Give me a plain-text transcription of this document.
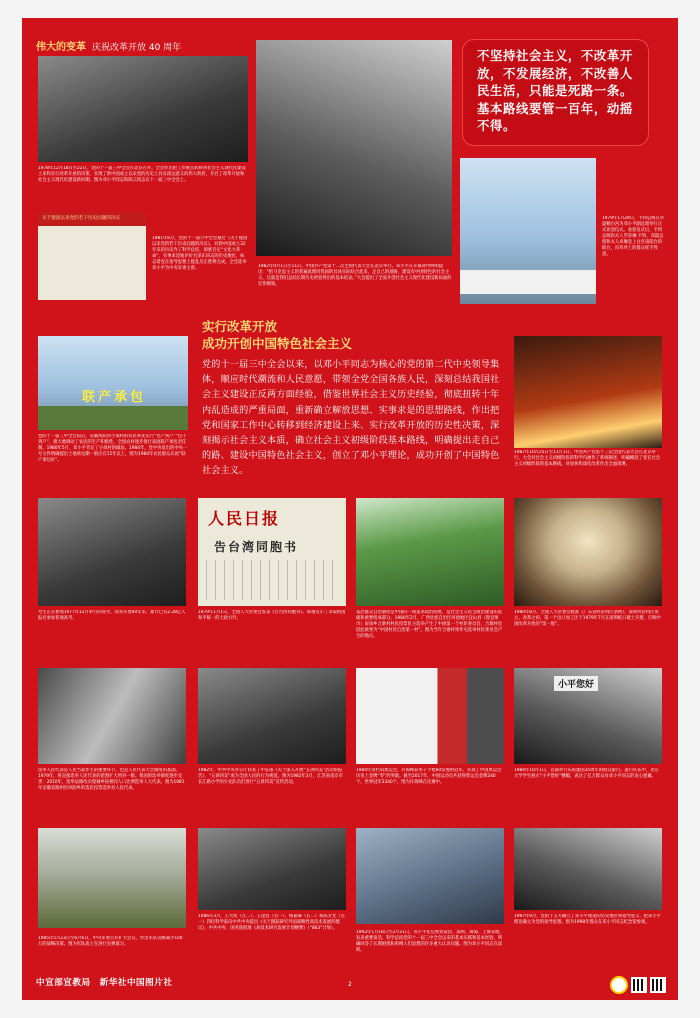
伟大的变革 庆祝改革开放 40 周年
1978年12月18日至22日，党的十一届三中全会在北京召开。全会作出把工作重点转移到社会主义现代化建设上来和实行改革开放的决策，实现了新中国成立以来党的历史上具有深远意义的伟大转折，开启了改革开放和社会主义现代化建设新时期。图为邓小平同志和陈云同志在十一届三中全会上。
关于建国以来党的若干历史问题的决议
1981年6月，党的十一届六中全会通过《关于建国以来党的若干历史问题的决议》，对新中国成立32年来的历史作了科学总结，彻底否定“文化大革命”，实事求是地评价毛泽东同志的历史地位，标志着党在指导思想上拨乱反正胜利完成。全会选举邓小平为中央军委主席。	1982年9月1日至11日，中国共产党第十二次全国代表大会在北京举行。邓小平在开幕词中鲜明提出：“把马克思主义的普遍真理同我国的具体实际结合起来，走自己的道路，建设有中国特色的社会主义，这就是我们总结长期历史经验得出的基本结论。”大会提出了全面开创社会主义现代化建设新局面的宏伟纲领。
不坚持社会主义，不改革开放，不发展经济，不改善人民生活，只能是死路一条。基本路线要管一百年，动摇不得。
1979年1月29日，卡特总统在华盛顿白宫为邓小平副总理举行正式欢迎仪式。欢迎仪式后，卡特总统和夫人罗莎琳·卡特，邓副总理和夫人卓琳登上白宫南阳台的阳台，向草坪上的群众挥手致意。
联产承包
党的十一届三中全会前后，安徽凤阳县小岗村的农民率先实行“包产到户”“包干到户”，极大地调动了农民的生产积极性，全国农村逐步推行家庭联产承包责任制。1980年5月，邓小平肯定了小岗村的做法。1984年，党中央发出的中央一号文件明确提出土地承包期一般应在15年以上，图为1984年农民群众庆祝“联产承包好”。
实行改革开放
成功开创中国特色社会主义
党的十一届三中全会以来，以邓小平同志为核心的党的第二代中央领导集体，顺应时代潮流和人民意愿，带领全党全国各族人民，深刻总结我国社会主义建设正反两方面经验，借鉴世界社会主义历史经验，彻底扭转十年内乱造成的严重局面，重新确立解放思想、实事求是的思想路线，作出把党和国家工作中心转移到经济建设上来、实行改革开放的历史性决策，深刻揭示社会主义本质，确立社会主义初级阶段基本路线，明确提出走自己的路、建设中国特色社会主义，创立了邓小平理论，成功开创了中国特色社会主义。
1987年10月25日至11月1日，中国共产党第十三次全国代表大会在北京举行。大会对社会主义初级阶段的科学内涵作了系统阐述，明确概括了党在社会主义初级阶段的基本路线，对加快和深化改革作出全面部署。
考生正在参加1977年12月举行的高考，改革开放40年来，累计已有2.28亿人报名参加普通高考。
人民日报
告台湾同胞书
1979年1月1日，全国人大常委会发表《告台湾同胞书》，郑重宣示了争取祖国和平统一的大政方针。
基层群众自治制度是中国的一项基本政治制度，是社会主义民主政治建设的基础和重要组成部分。1980年2月，广西壮族自治区河池地区宜山县（现宜州市）屏南乡合寨村村民投票民主选举产生了中国第一个村民委员会，合寨村也因此被誉为“中国村民自治第一村”。图为当年合寨村果作屯选举村民委员会产生的地点。
1980年8月，全国人大常委会批准《广东省经济特区条例》，深圳经济特区成立。改革之初，第一个出口加工区于1979年7月在深圳蛇口破土开建，打响中国改革开放的“第一炮”。
选举人民代表是人民当家作主的重要环节，也是人民代表大会制度的基础。1979年，将直接选举人民代表的范围扩大到县一级。我国的选举制度逐步完善：2010年，选举法修改实现城乡按相同人口比例选举人大代表。图为1981年安徽省滁州县凤阳乡的选民投票选举县人民代表。
1982年，中共中央办公厅转发了中宣部《关于深入开展“五讲四美”活动的报告》，“五讲四美”成为全国人民的行为规范。图为1982年3月，江苏省南京市长江路小学的少先队员们进行“五讲四美”宣传活动。
1984年洛杉矶奥运会，许海峰获男子手枪60发慢射冠军，实现了中国奥运会历史上金牌“零”的突破。截至2017年，中国运动员共获得奥运会金牌240个，世界冠军3340个。图为许海峰在比赛中。
小平您好
1984年10月1日，首都举行庆祝建国35周年的群众游行。游行队伍中，北京大学学生展示“小平您好”横幅，表达了亿万群众对邓小平同志的衷心爱戴。
1985年5月23日至6月6日，中央军委召开扩大会议，作出军队员额减少100万的战略决策。图为军队战士在进行实弹演习。
1986年3月，王大珩（左二）、王淦昌（右一）、杨嘉墀（右二）和陈芳允（左一）四位科学家向中共中央提出《关于跟踪研究外国战略性高技术发展的建议》，中共中央、国务院批准《高技术研究发展计划纲要》（“863”计划）。
1992年1月18日至2月21日，邓小平先后视察武昌、深圳、珠海、上海等地，发表重要谈话。科学总结党的十一届三中全会以来的基本实践和基本经验，明确回答了长期困扰和束缚人们思想的许多重大认识问题。图为邓小平同志在深圳。
1997年9月，党的十五大确立了邓小平理论的历史地位和指导意义，把邓小平理论确立为党的指导思想。图为1998年群众在邓小平同志纪念馆参观。
中宣部宣教局　新华社中国图片社	2
